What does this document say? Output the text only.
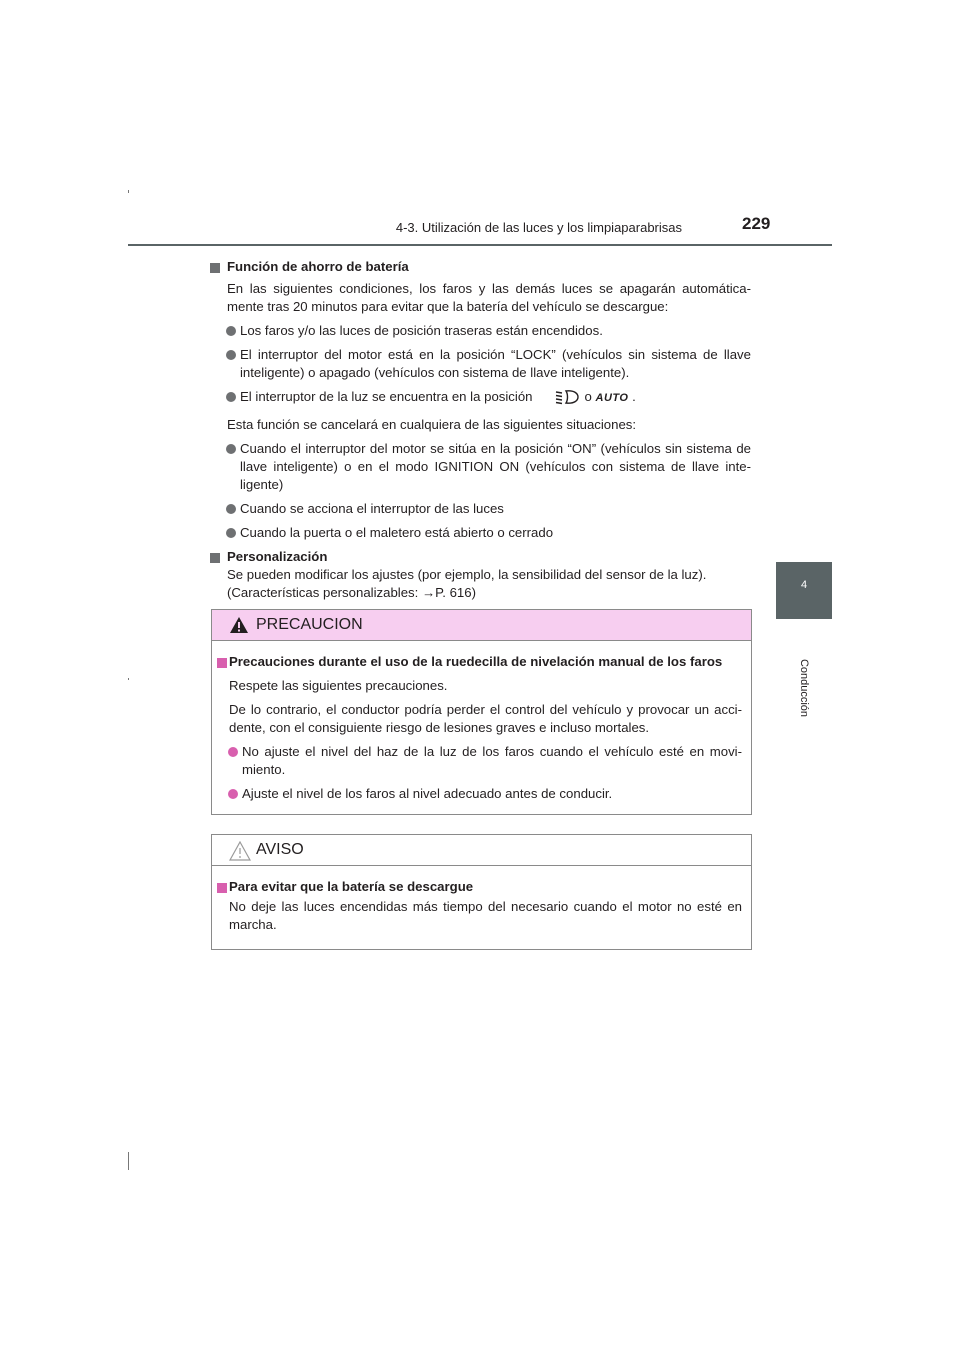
4-3. Utilización de las luces y los limpiaparabrisas	229
4
Conducción

Función de ahorro de batería

En las siguientes condiciones, los faros y las demás luces se apagarán automática-mente tras 20 minutos para evitar que la batería del vehículo se descargue:

Los faros y/o las luces de posición traseras están encendidos.

El interruptor del motor está en la posición “LOCK” (vehículos sin sistema de llave inteligente) o apagado (vehículos con sistema de llave inteligente).

El interruptor de la luz se encuentra en la posición	o AUTO .

Esta función se cancelará en cualquiera de las siguientes situaciones:

Cuando el interruptor del motor se sitúa en la posición “ON” (vehículos sin sistema de llave inteligente) o en el modo IGNITION ON (vehículos con sistema de llave inte-ligente)

Cuando se acciona el interruptor de las luces

Cuando la puerta o el maletero está abierto o cerrado

Personalización

Se pueden modificar los ajustes (por ejemplo, la sensibilidad del sensor de la luz).

(Características personalizables: →P. 616)

PRECAUCION

Precauciones durante el uso de la ruedecilla de nivelación manual de los faros

Respete las siguientes precauciones.

De lo contrario, el conductor podría perder el control del vehículo y provocar un acci-dente, con el consiguiente riesgo de lesiones graves e incluso mortales.

No ajuste el nivel del haz de la luz de los faros cuando el vehículo esté en movi-miento.

Ajuste el nivel de los faros al nivel adecuado antes de conducir.

AVISO

Para evitar que la batería se descargue

No deje las luces encendidas más tiempo del necesario cuando el motor no esté en marcha.
